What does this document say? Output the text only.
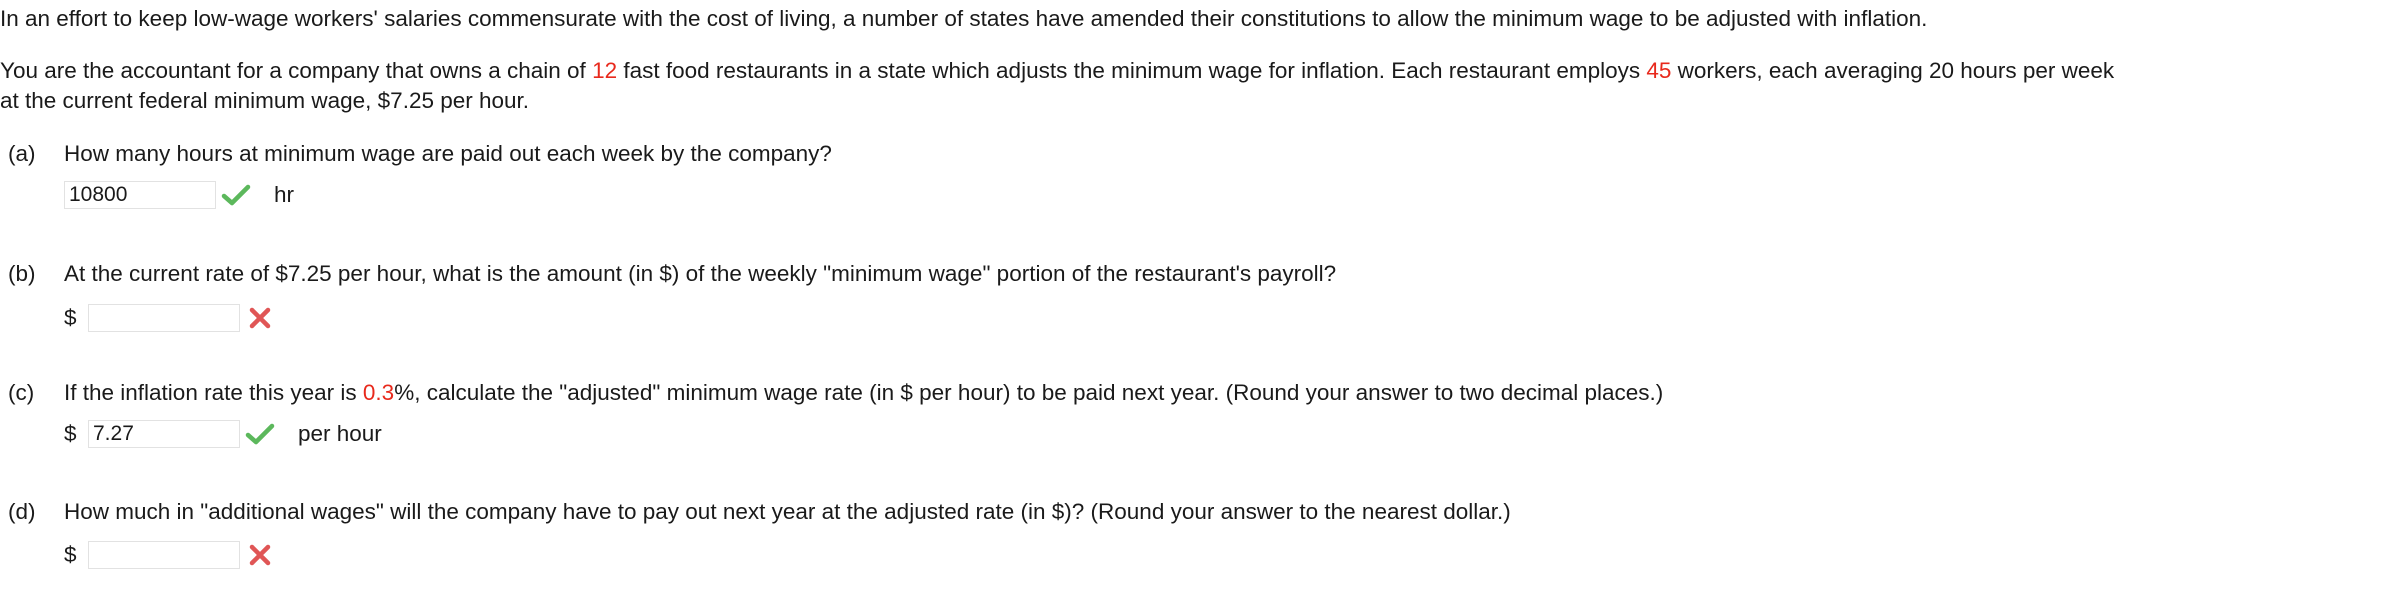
In an effort to keep low-wage workers' salaries commensurate with the cost of living, a number of states have amended their constitutions to allow the minimum wage to be adjusted with inflation.
You are the accountant for a company that owns a chain of 12 fast food restaurants in a state which adjusts the minimum wage for inflation. Each restaurant employs 45 workers, each averaging 20 hours per week
at the current federal minimum wage, $7.25 per hour.
(a) How many hours at minimum wage are paid out each week by the company?
10800
hr
(b) At the current rate of $7.25 per hour, what is the amount (in $) of the weekly "minimum wage" portion of the restaurant's payroll?
$
(c) If the inflation rate this year is 0.3%, calculate the "adjusted" minimum wage rate (in $ per hour) to be paid next year. (Round your answer to two decimal places.)
$
7.27	per hour
(d) How much in "additional wages" will the company have to pay out next year at the adjusted rate (in $)? (Round your answer to the nearest dollar.)
$
